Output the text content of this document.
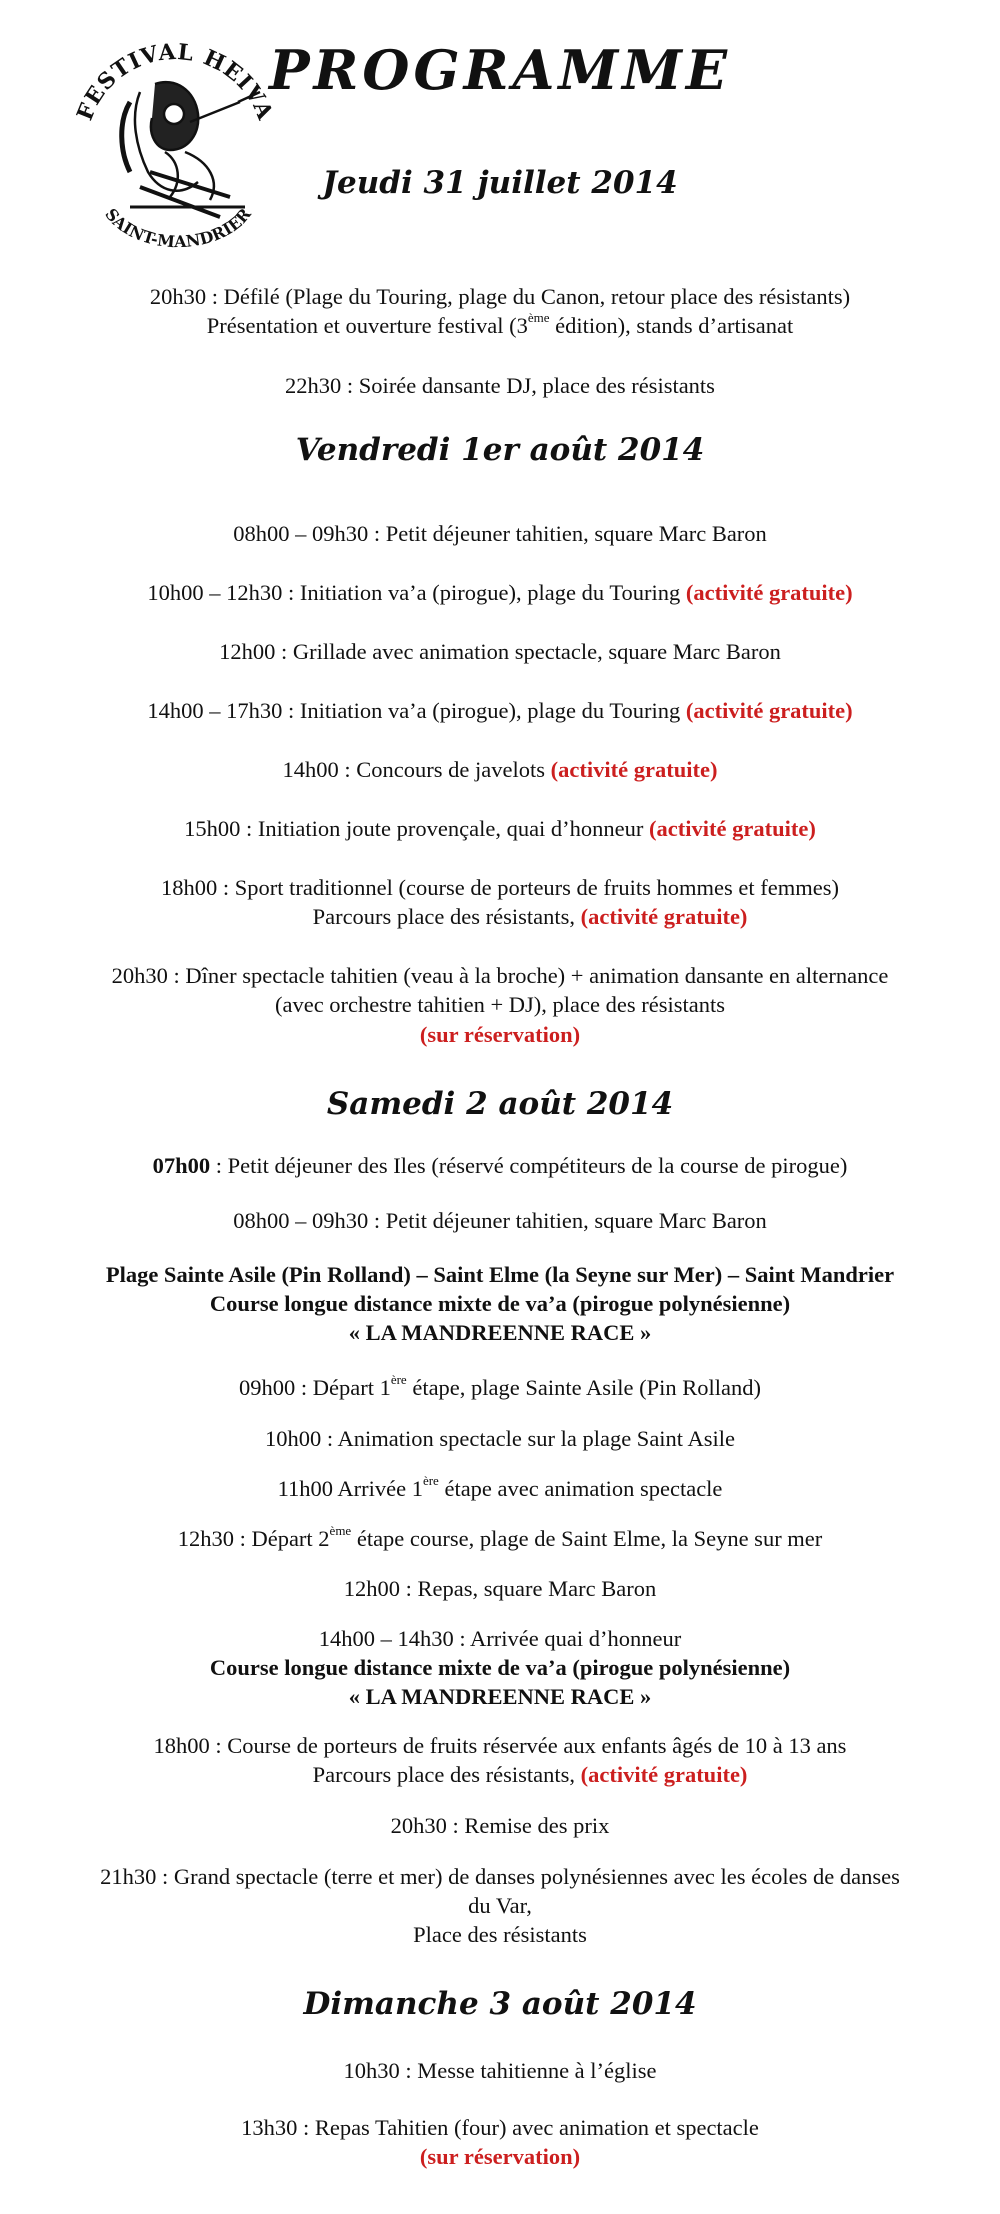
FESTIVAL HEIVA
SAINT-MANDRIER
PROGRAMME
Jeudi 31 juillet 2014
20h30 : Défilé (Plage du Touring, plage du Canon, retour place des résistants)
Présentation et ouverture festival (3ème édition), stands d’artisanat
22h30 : Soirée dansante DJ, place des résistants
Vendredi 1er août 2014
08h00 – 09h30 : Petit déjeuner tahitien, square Marc Baron
10h00 – 12h30 : Initiation va’a (pirogue), plage du Touring (activité gratuite)
12h00 : Grillade avec animation spectacle, square Marc Baron
14h00 – 17h30 : Initiation va’a (pirogue), plage du Touring (activité gratuite)
14h00 : Concours de javelots (activité gratuite)
15h00 : Initiation joute provençale, quai d’honneur (activité gratuite)
18h00 : Sport traditionnel (course de porteurs de fruits hommes et femmes)
Parcours place des résistants, (activité gratuite)
20h30 : Dîner spectacle tahitien (veau à la broche) + animation dansante en alternance
(avec orchestre tahitien + DJ), place des résistants
(sur réservation)
Samedi 2 août 2014
07h00 : Petit déjeuner des Iles (réservé compétiteurs de la course de pirogue)
08h00 – 09h30 : Petit déjeuner tahitien, square Marc Baron
Plage Sainte Asile (Pin Rolland) – Saint Elme (la Seyne sur Mer) – Saint Mandrier
Course longue distance mixte de va’a (pirogue polynésienne)
« LA MANDREENNE RACE »
09h00 : Départ 1ère étape, plage Sainte Asile (Pin Rolland)
10h00 : Animation spectacle sur la plage Saint Asile
11h00 Arrivée 1ère étape avec animation spectacle
12h30 : Départ 2ème étape course, plage de Saint Elme, la Seyne sur mer
12h00 : Repas, square Marc Baron
14h00 – 14h30 : Arrivée quai d’honneur
Course longue distance mixte de va’a (pirogue polynésienne)
« LA MANDREENNE RACE »
18h00 : Course de porteurs de fruits réservée aux enfants âgés de 10 à 13 ans
Parcours place des résistants, (activité gratuite)
20h30 : Remise des prix
21h30 : Grand spectacle (terre et mer) de danses polynésiennes avec les écoles de danses
du Var,
Place des résistants
Dimanche 3 août 2014
10h30 : Messe tahitienne à l’église
13h30 : Repas Tahitien (four) avec animation et spectacle
(sur réservation)
